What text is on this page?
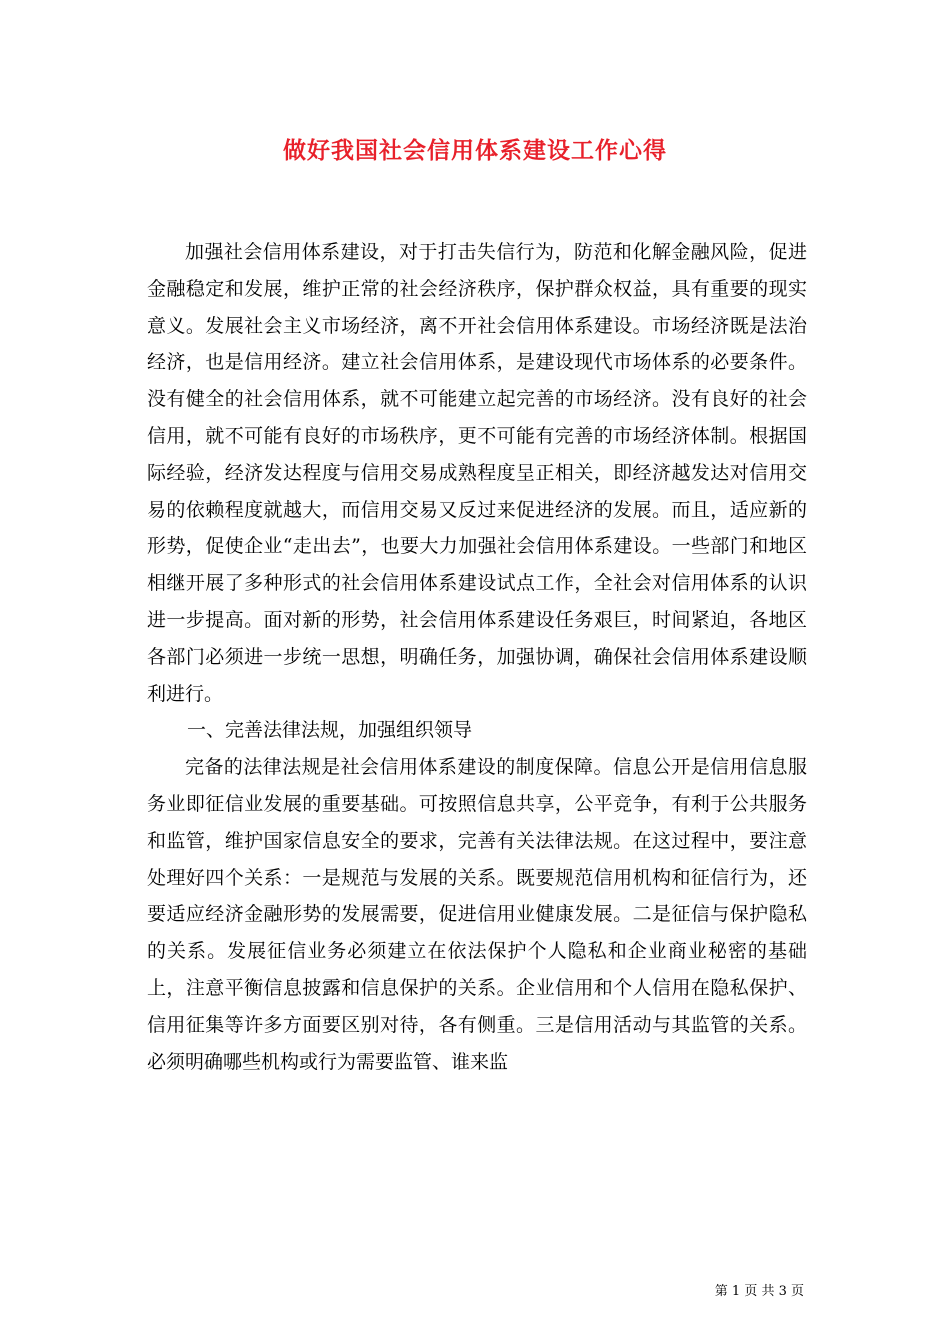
做好我国社会信用体系建设工作心得

加强社会信用体系建设，对于打击失信行为，防范和化解金融风险，促进金融稳定和发展，维护正常的社会经济秩序，保护群众权益，具有重要的现实意义。发展社会主义市场经济，离不开社会信用体系建设。市场经济既是法治经济，也是信用经济。建立社会信用体系，是建设现代市场体系的必要条件。没有健全的社会信用体系，就不可能建立起完善的市场经济。没有良好的社会信用，就不可能有良好的市场秩序，更不可能有完善的市场经济体制。根据国际经验，经济发达程度与信用交易成熟程度呈正相关，即经济越发达对信用交易的依赖程度就越大，而信用交易又反过来促进经济的发展。而且，适应新的形势，促使企业“走出去”，也要大力加强社会信用体系建设。一些部门和地区相继开展了多种形式的社会信用体系建设试点工作，全社会对信用体系的认识进一步提高。面对新的形势，社会信用体系建设任务艰巨，时间紧迫，各地区各部门必须进一步统一思想，明确任务，加强协调，确保社会信用体系建设顺利进行。

一、完善法律法规，加强组织领导

完备的法律法规是社会信用体系建设的制度保障。信息公开是信用信息服务业即征信业发展的重要基础。可按照信息共享，公平竞争，有利于公共服务和监管，维护国家信息安全的要求，完善有关法律法规。在这过程中，要注意处理好四个关系：一是规范与发展的关系。既要规范信用机构和征信行为，还要适应经济金融形势的发展需要，促进信用业健康发展。二是征信与保护隐私的关系。发展征信业务必须建立在依法保护个人隐私和企业商业秘密的基础上，注意平衡信息披露和信息保护的关系。企业信用和个人信用在隐私保护、信用征集等许多方面要区别对待，各有侧重。三是信用活动与其监管的关系。必须明确哪些机构或行为需要监管、谁来监

第 1 页 共 3 页
